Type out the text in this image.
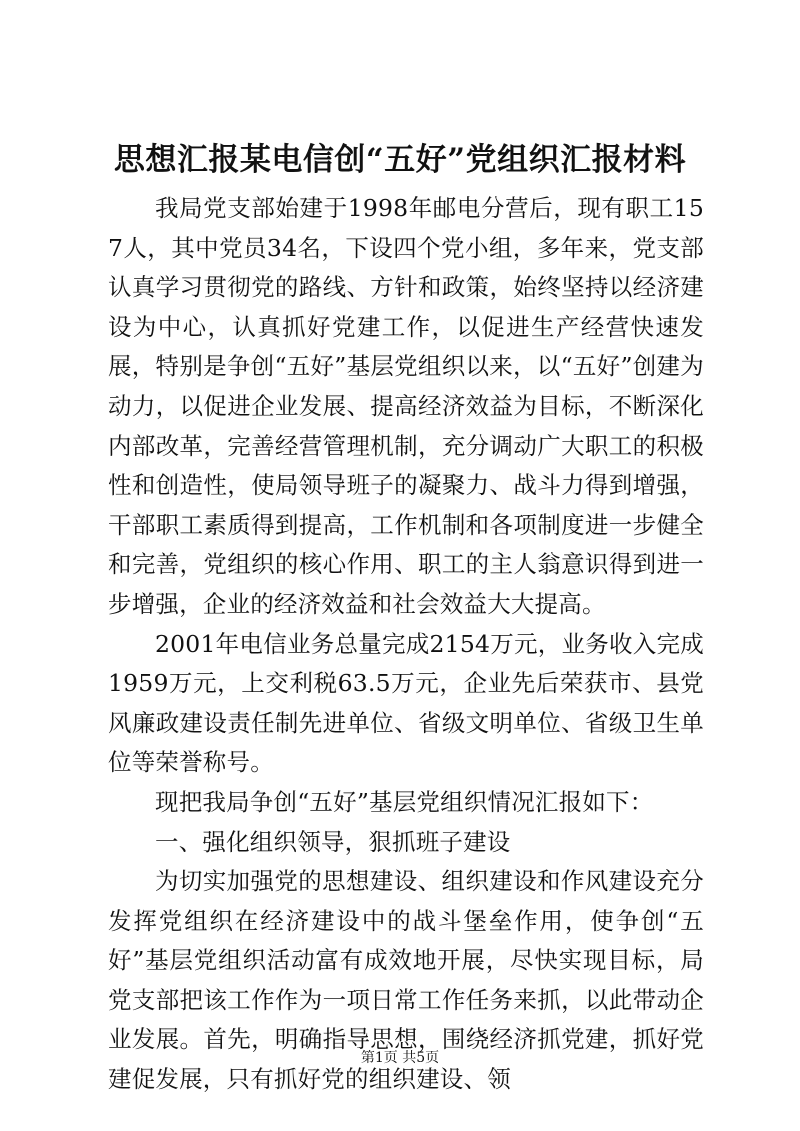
思想汇报某电信创“五好”党组织汇报材料

我局党支部始建于1998年邮电分营后，现有职工157人，其中党员34名，下设四个党小组，多年来，党支部认真学习贯彻党的路线、方针和政策，始终坚持以经济建设为中心，认真抓好党建工作，以促进生产经营快速发展，特别是争创“五好”基层党组织以来，以“五好”创建为动力，以促进企业发展、提高经济效益为目标，不断深化内部改革，完善经营管理机制，充分调动广大职工的积极性和创造性，使局领导班子的凝聚力、战斗力得到增强，干部职工素质得到提高，工作机制和各项制度进一步健全和完善，党组织的核心作用、职工的主人翁意识得到进一步增强，企业的经济效益和社会效益大大提高。

2001年电信业务总量完成2154万元，业务收入完成1959万元，上交利税63.5万元，企业先后荣获市、县党风廉政建设责任制先进单位、省级文明单位、省级卫生单位等荣誉称号。

现把我局争创“五好”基层党组织情况汇报如下：

一、强化组织领导，狠抓班子建设

为切实加强党的思想建设、组织建设和作风建设充分发挥党组织在经济建设中的战斗堡垒作用，使争创“五好”基层党组织活动富有成效地开展，尽快实现目标，局党支部把该工作作为一项日常工作任务来抓，以此带动企业发展。首先，明确指导思想，围绕经济抓党建，抓好党建促发展，只有抓好党的组织建设、领

第1页 共5页
